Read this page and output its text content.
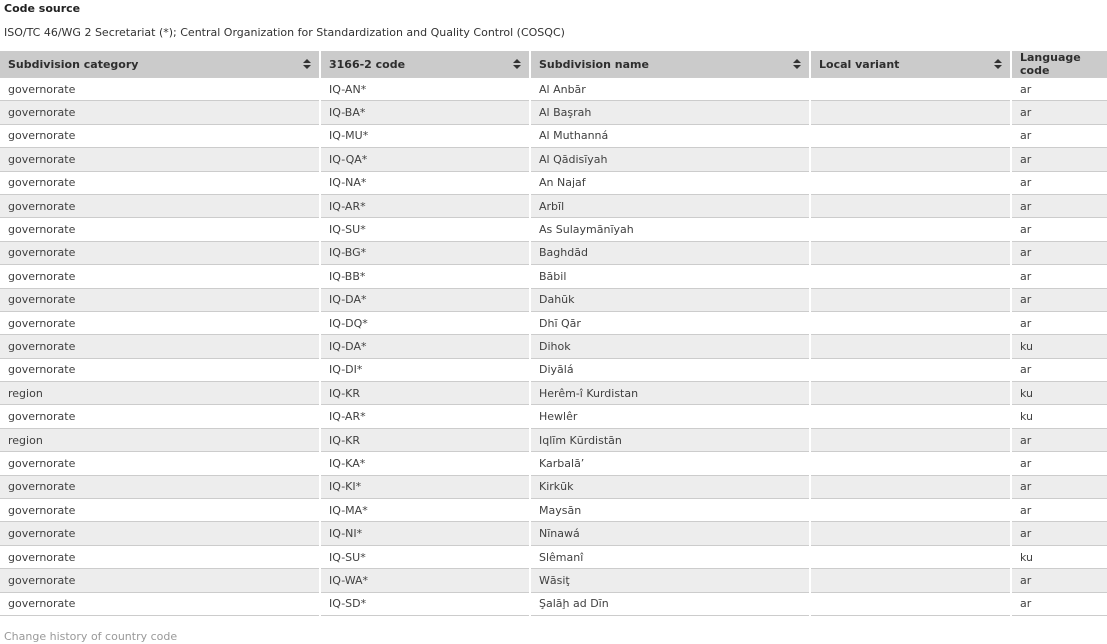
Code source
ISO/TC 46/WG 2 Secretariat (*); Central Organization for Standardization and Quality Control (COSQC)
Subdivision category	3166-2 code	Subdivision name	Local variant	Language code

governorate	IQ-AN*	Al Anbār		ar
governorate	IQ-BA*	Al Başrah		ar
governorate	IQ-MU*	Al Muthanná		ar
governorate	IQ-QA*	Al Qādisīyah		ar
governorate	IQ-NA*	An Najaf		ar
governorate	IQ-AR*	Arbīl		ar
governorate	IQ-SU*	As Sulaymānīyah		ar
governorate	IQ-BG*	Baghdād		ar
governorate	IQ-BB*	Bābil		ar
governorate	IQ-DA*	Dahūk		ar
governorate	IQ-DQ*	Dhī Qār		ar
governorate	IQ-DA*	Dihok		ku
governorate	IQ-DI*	Diyālá		ar
region	IQ-KR	Herêm-î Kurdistan		ku
governorate	IQ-AR*	Hewlêr		ku
region	IQ-KR	Iqlīm Kūrdistān		ar
governorate	IQ-KA*	Karbalā’		ar
governorate	IQ-KI*	Kirkūk		ar
governorate	IQ-MA*	Maysān		ar
governorate	IQ-NI*	Nīnawá		ar
governorate	IQ-SU*	Slêmanî		ku
governorate	IQ-WA*	Wāsiţ		ar
governorate	IQ-SD*	Şalāḩ ad Dīn		ar
Change history of country code
